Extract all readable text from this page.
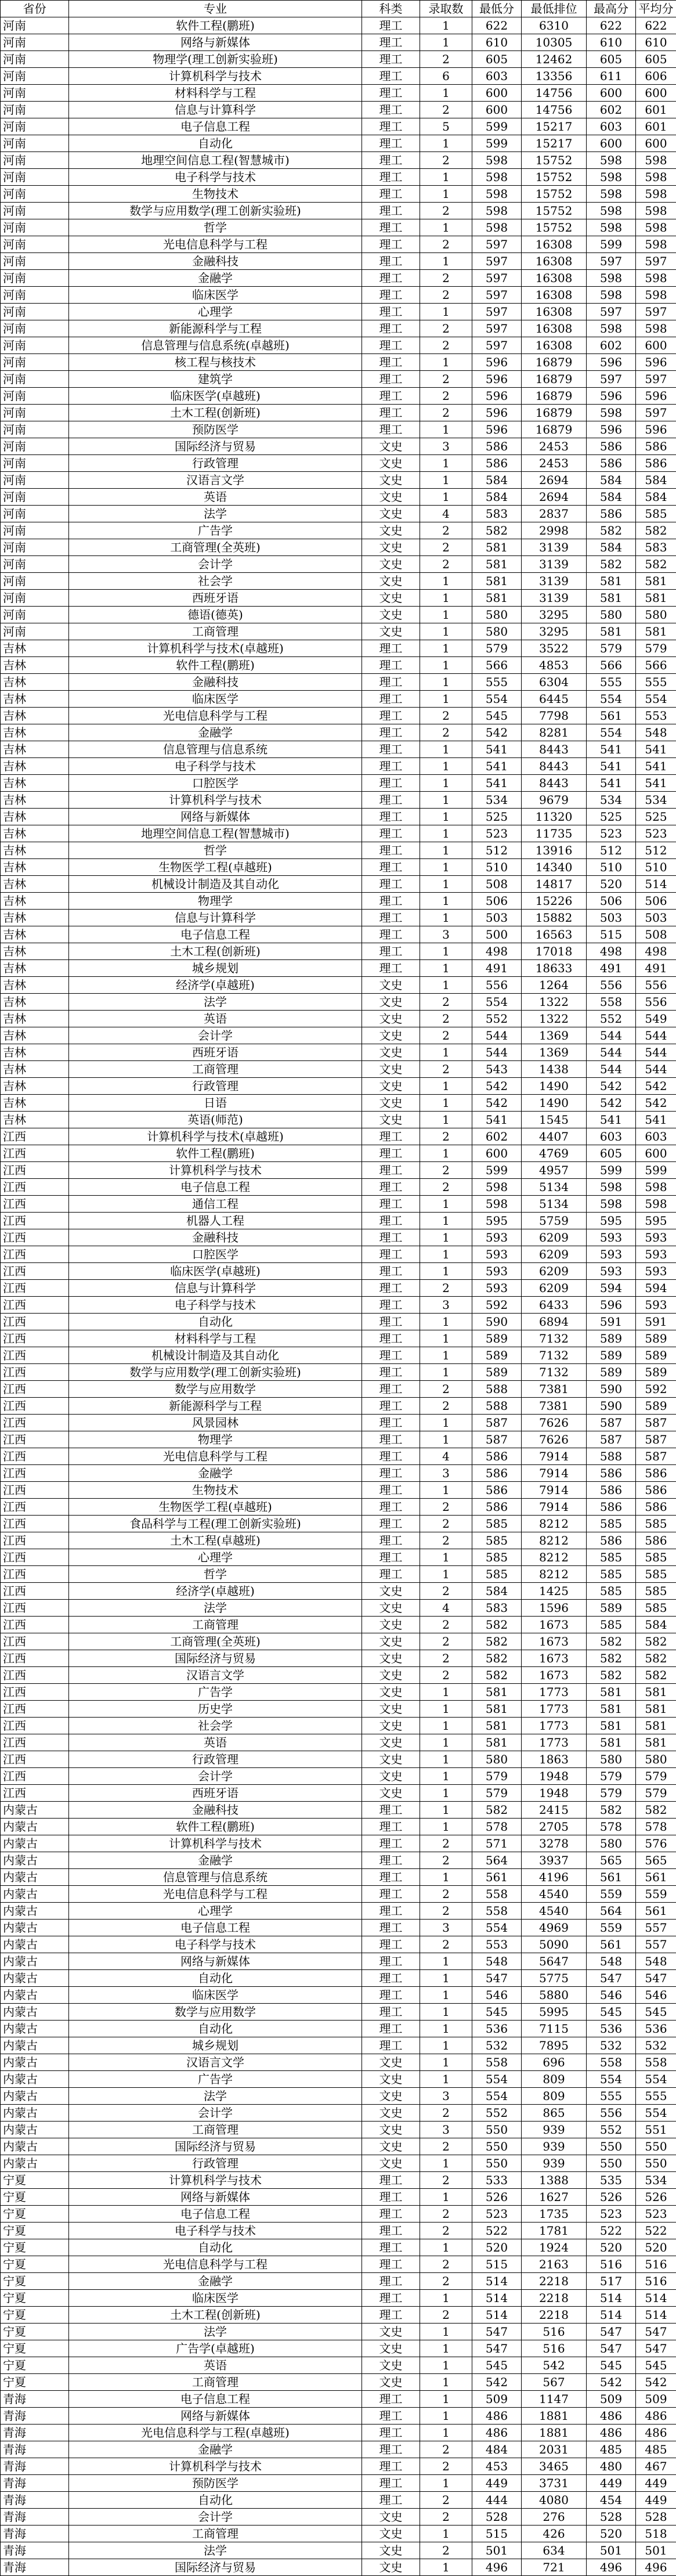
省份	专业	科类	录取数	最低分	最低排位	最高分	平均分
河南	软件工程(鹏班)	理工	1	622	6310	622	622
河南	网络与新媒体	理工	1	610	10305	610	610
河南	物理学(理工创新实验班)	理工	2	605	12462	605	605
河南	计算机科学与技术	理工	6	603	13356	611	606
河南	材料科学与工程	理工	1	600	14756	600	600
河南	信息与计算科学	理工	2	600	14756	602	601
河南	电子信息工程	理工	5	599	15217	603	601
河南	自动化	理工	1	599	15217	600	600
河南	地理空间信息工程(智慧城市)	理工	2	598	15752	598	598
河南	电子科学与技术	理工	1	598	15752	598	598
河南	生物技术	理工	1	598	15752	598	598
河南	数学与应用数学(理工创新实验班)	理工	2	598	15752	598	598
河南	哲学	理工	1	598	15752	598	598
河南	光电信息科学与工程	理工	2	597	16308	599	598
河南	金融科技	理工	1	597	16308	597	597
河南	金融学	理工	2	597	16308	598	598
河南	临床医学	理工	2	597	16308	598	598
河南	心理学	理工	1	597	16308	597	597
河南	新能源科学与工程	理工	2	597	16308	598	598
河南	信息管理与信息系统(卓越班)	理工	2	597	16308	602	600
河南	核工程与核技术	理工	1	596	16879	596	596
河南	建筑学	理工	2	596	16879	597	597
河南	临床医学(卓越班)	理工	2	596	16879	596	596
河南	土木工程(创新班)	理工	2	596	16879	598	597
河南	预防医学	理工	1	596	16879	596	596
河南	国际经济与贸易	文史	3	586	2453	586	586
河南	行政管理	文史	1	586	2453	586	586
河南	汉语言文学	文史	1	584	2694	584	584
河南	英语	文史	1	584	2694	584	584
河南	法学	文史	4	583	2837	586	585
河南	广告学	文史	2	582	2998	582	582
河南	工商管理(全英班)	文史	2	581	3139	584	583
河南	会计学	文史	2	581	3139	582	582
河南	社会学	文史	1	581	3139	581	581
河南	西班牙语	文史	1	581	3139	581	581
河南	德语(德英)	文史	1	580	3295	580	580
河南	工商管理	文史	1	580	3295	581	581
吉林	计算机科学与技术(卓越班)	理工	1	579	3522	579	579
吉林	软件工程(鹏班)	理工	1	566	4853	566	566
吉林	金融科技	理工	1	555	6304	555	555
吉林	临床医学	理工	1	554	6445	554	554
吉林	光电信息科学与工程	理工	2	545	7798	561	553
吉林	金融学	理工	2	542	8281	554	548
吉林	信息管理与信息系统	理工	1	541	8443	541	541
吉林	电子科学与技术	理工	1	541	8443	541	541
吉林	口腔医学	理工	1	541	8443	541	541
吉林	计算机科学与技术	理工	1	534	9679	534	534
吉林	网络与新媒体	理工	1	525	11320	525	525
吉林	地理空间信息工程(智慧城市)	理工	1	523	11735	523	523
吉林	哲学	理工	1	512	13916	512	512
吉林	生物医学工程(卓越班)	理工	1	510	14340	510	510
吉林	机械设计制造及其自动化	理工	1	508	14817	520	514
吉林	物理学	理工	1	506	15226	506	506
吉林	信息与计算科学	理工	1	503	15882	503	503
吉林	电子信息工程	理工	3	500	16563	515	508
吉林	土木工程(创新班)	理工	1	498	17018	498	498
吉林	城乡规划	理工	1	491	18633	491	491
吉林	经济学(卓越班)	文史	1	556	1264	556	556
吉林	法学	文史	2	554	1322	558	556
吉林	英语	文史	2	552	1322	552	549
吉林	会计学	文史	2	544	1369	544	544
吉林	西班牙语	文史	1	544	1369	544	544
吉林	工商管理	文史	2	543	1438	544	544
吉林	行政管理	文史	1	542	1490	542	542
吉林	日语	文史	1	542	1490	542	542
吉林	英语(师范)	文史	1	541	1545	541	541
江西	计算机科学与技术(卓越班)	理工	2	602	4407	603	603
江西	软件工程(鹏班)	理工	1	600	4769	605	600
江西	计算机科学与技术	理工	2	599	4957	599	599
江西	电子信息工程	理工	2	598	5134	598	598
江西	通信工程	理工	1	598	5134	598	598
江西	机器人工程	理工	1	595	5759	595	595
江西	金融科技	理工	1	593	6209	593	593
江西	口腔医学	理工	1	593	6209	593	593
江西	临床医学(卓越班)	理工	1	593	6209	593	593
江西	信息与计算科学	理工	2	593	6209	594	594
江西	电子科学与技术	理工	3	592	6433	596	593
江西	自动化	理工	1	590	6894	591	591
江西	材料科学与工程	理工	1	589	7132	589	589
江西	机械设计制造及其自动化	理工	1	589	7132	589	589
江西	数学与应用数学(理工创新实验班)	理工	1	589	7132	589	589
江西	数学与应用数学	理工	2	588	7381	590	592
江西	新能源科学与工程	理工	2	588	7381	590	589
江西	风景园林	理工	1	587	7626	587	587
江西	物理学	理工	1	587	7626	587	587
江西	光电信息科学与工程	理工	4	586	7914	588	587
江西	金融学	理工	3	586	7914	586	586
江西	生物技术	理工	1	586	7914	586	586
江西	生物医学工程(卓越班)	理工	2	586	7914	586	586
江西	食品科学与工程(理工创新实验班)	理工	2	585	8212	585	585
江西	土木工程(卓越班)	理工	2	585	8212	586	586
江西	心理学	理工	1	585	8212	585	585
江西	哲学	理工	1	585	8212	585	585
江西	经济学(卓越班)	文史	2	584	1425	585	585
江西	法学	文史	4	583	1596	589	585
江西	工商管理	文史	2	582	1673	585	584
江西	工商管理(全英班)	文史	2	582	1673	582	582
江西	国际经济与贸易	文史	2	582	1673	582	582
江西	汉语言文学	文史	2	582	1673	582	582
江西	广告学	文史	1	581	1773	581	581
江西	历史学	文史	1	581	1773	581	581
江西	社会学	文史	1	581	1773	581	581
江西	英语	文史	1	581	1773	581	581
江西	行政管理	文史	1	580	1863	580	580
江西	会计学	文史	1	579	1948	579	579
江西	西班牙语	文史	1	579	1948	579	579
内蒙古	金融科技	理工	1	582	2415	582	582
内蒙古	软件工程(鹏班)	理工	1	578	2705	578	578
内蒙古	计算机科学与技术	理工	2	571	3278	580	576
内蒙古	金融学	理工	2	564	3937	565	565
内蒙古	信息管理与信息系统	理工	1	561	4196	561	561
内蒙古	光电信息科学与工程	理工	2	558	4540	559	559
内蒙古	心理学	理工	2	558	4540	564	561
内蒙古	电子信息工程	理工	3	554	4969	559	557
内蒙古	电子科学与技术	理工	2	553	5090	561	557
内蒙古	网络与新媒体	理工	1	548	5647	548	548
内蒙古	自动化	理工	1	547	5775	547	547
内蒙古	临床医学	理工	1	546	5880	546	546
内蒙古	数学与应用数学	理工	1	545	5995	545	545
内蒙古	自动化	理工	1	536	7115	536	536
内蒙古	城乡规划	理工	1	532	7895	532	532
内蒙古	汉语言文学	文史	1	558	696	558	558
内蒙古	广告学	文史	1	554	809	554	554
内蒙古	法学	文史	3	554	809	555	555
内蒙古	会计学	文史	2	552	865	556	554
内蒙古	工商管理	文史	3	550	939	552	551
内蒙古	国际经济与贸易	文史	2	550	939	550	550
内蒙古	行政管理	文史	1	550	939	550	550
宁夏	计算机科学与技术	理工	2	533	1388	535	534
宁夏	网络与新媒体	理工	1	526	1627	526	526
宁夏	电子信息工程	理工	2	523	1735	523	523
宁夏	电子科学与技术	理工	2	522	1781	522	522
宁夏	自动化	理工	1	520	1924	520	520
宁夏	光电信息科学与工程	理工	2	515	2163	516	516
宁夏	金融学	理工	2	514	2218	517	516
宁夏	临床医学	理工	1	514	2218	514	514
宁夏	土木工程(创新班)	理工	2	514	2218	514	514
宁夏	法学	文史	1	547	516	547	547
宁夏	广告学(卓越班)	文史	1	547	516	547	547
宁夏	英语	文史	1	545	542	545	545
宁夏	工商管理	文史	1	542	567	542	542
青海	电子信息工程	理工	1	509	1147	509	509
青海	网络与新媒体	理工	1	486	1881	486	486
青海	光电信息科学与工程(卓越班)	理工	1	486	1881	486	486
青海	金融学	理工	2	484	2031	485	485
青海	计算机科学与技术	理工	2	453	3465	480	467
青海	预防医学	理工	1	449	3731	449	449
青海	自动化	理工	2	444	4080	454	449
青海	会计学	文史	2	528	276	528	528
青海	工商管理	文史	1	515	426	520	518
青海	法学	文史	2	501	634	501	501
青海	国际经济与贸易	文史	1	496	721	496	496
